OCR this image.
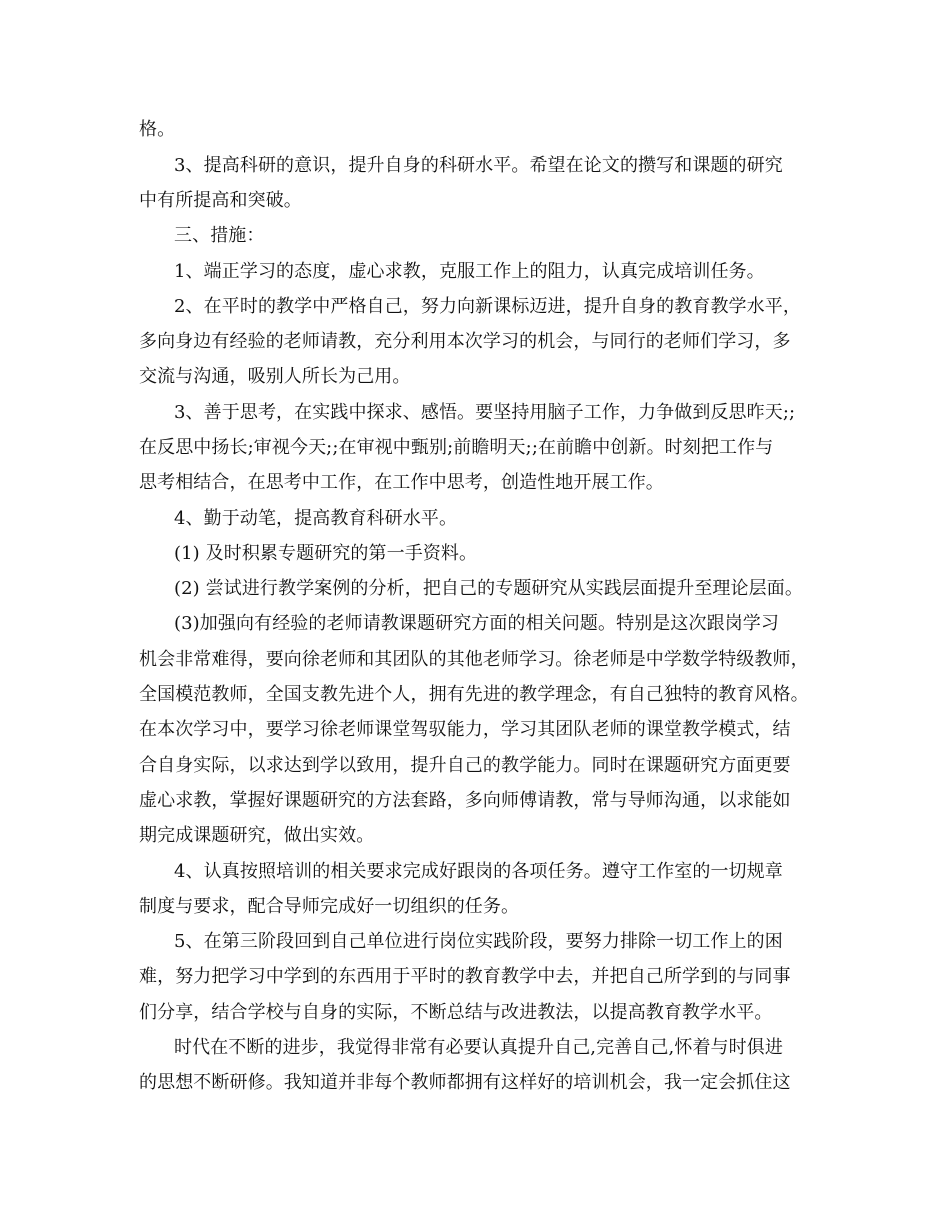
格。
3、提高科研的意识，提升自身的科研水平。希望在论文的攒写和课题的研究
中有所提高和突破。
三、措施：
1、端正学习的态度，虚心求教，克服工作上的阻力，认真完成培训任务。
2、在平时的教学中严格自己，努力向新课标迈进，提升自身的教育教学水平，
多向身边有经验的老师请教，充分利用本次学习的机会，与同行的老师们学习，多
交流与沟通，吸别人所长为己用。
3、善于思考，在实践中探求、感悟。要坚持用脑子工作，力争做到反思昨天;;
在反思中扬长;审视今天;;在审视中甄别;前瞻明天;;在前瞻中创新。时刻把工作与
思考相结合，在思考中工作，在工作中思考，创造性地开展工作。
4、勤于动笔，提高教育科研水平。
(1) 及时积累专题研究的第一手资料。
(2) 尝试进行教学案例的分析，把自己的专题研究从实践层面提升至理论层面。
(3)加强向有经验的老师请教课题研究方面的相关问题。特别是这次跟岗学习
机会非常难得，要向徐老师和其团队的其他老师学习。徐老师是中学数学特级教师，
全国模范教师，全国支教先进个人，拥有先进的教学理念，有自己独特的教育风格。
在本次学习中，要学习徐老师课堂驾驭能力，学习其团队老师的课堂教学模式，结
合自身实际，以求达到学以致用，提升自己的教学能力。同时在课题研究方面更要
虚心求教，掌握好课题研究的方法套路，多向师傅请教，常与导师沟通，以求能如
期完成课题研究，做出实效。
4、认真按照培训的相关要求完成好跟岗的各项任务。遵守工作室的一切规章
制度与要求，配合导师完成好一切组织的任务。
5、在第三阶段回到自己单位进行岗位实践阶段，要努力排除一切工作上的困
难，努力把学习中学到的东西用于平时的教育教学中去，并把自己所学到的与同事
们分享，结合学校与自身的实际，不断总结与改进教法，以提高教育教学水平。
时代在不断的进步，我觉得非常有必要认真提升自己,完善自己,怀着与时俱进
的思想不断研修。我知道并非每个教师都拥有这样好的培训机会，我一定会抓住这
